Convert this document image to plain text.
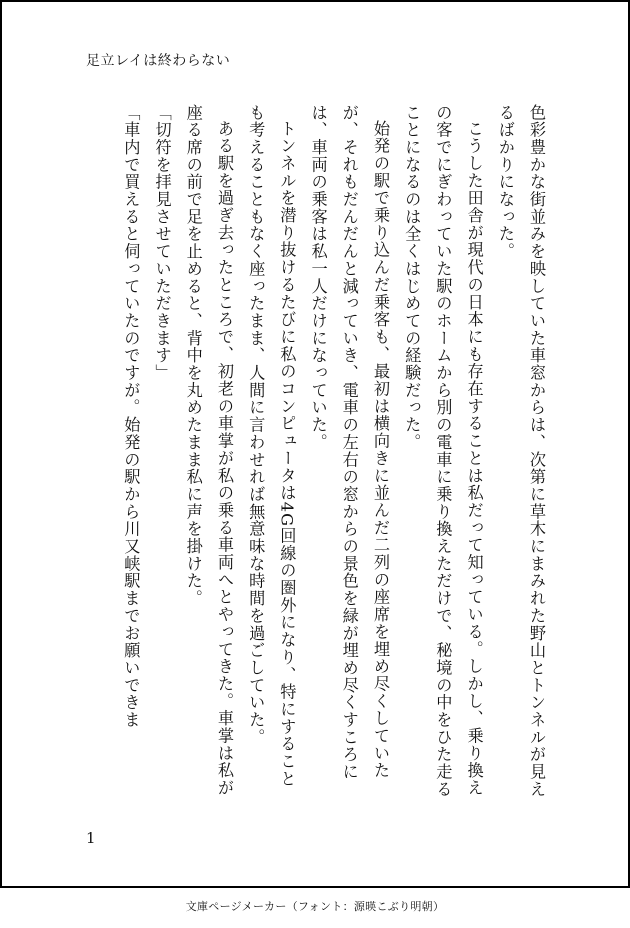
足立レイは終わらない

色彩豊かな街並みを映していた車窓からは、次第に草木にまみれた野山とトンネルが見えるばかりになった。

こうした田舎が現代の日本にも存在することは私だって知っている。しかし、乗り換えの客でにぎわっていた駅のホームから別の電車に乗り換えただけで、秘境の中をひた走ることになるのは全くはじめての経験だった。

始発の駅で乗り込んだ乗客も、最初は横向きに並んだ二列の座席を埋め尽くしていたが、それもだんだんと減っていき、電車の左右の窓からの景色を緑が埋め尽くすころには、車両の乗客は私一人だけになっていた。

トンネルを潜り抜けるたびに私のコンピュータは4G回線の圏外になり、特にすることも考えることもなく座ったまま、人間に言わせれば無意味な時間を過ごしていた。

ある駅を過ぎ去ったところで、初老の車掌が私の乗る車両へとやってきた。車掌は私が座る席の前で足を止めると、背中を丸めたまま私に声を掛けた。

「切符を拝見させていただきます」

「車内で買えると伺っていたのですが。始発の駅から川又峡駅までお願いできま

1
文庫ページメーカー（フォント：源暎こぶり明朝）
